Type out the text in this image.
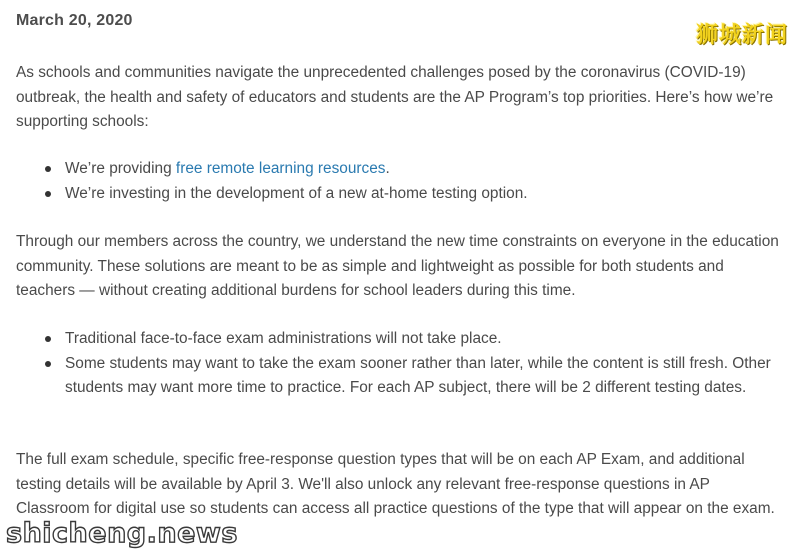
March 20, 2020

As schools and communities navigate the unprecedented challenges posed by the coronavirus (COVID-19) outbreak, the health and safety of educators and students are the AP Program’s top priorities. Here’s how we’re supporting schools:

We’re providing free remote learning resources.
We’re investing in the development of a new at-home testing option.

Through our members across the country, we understand the new time constraints on everyone in the education community. These solutions are meant to be as simple and lightweight as possible for both students and teachers — without creating additional burdens for school leaders during this time.

Traditional face-to-face exam administrations will not take place.
Some students may want to take the exam sooner rather than later, while the content is still fresh. Other students may want more time to practice. For each AP subject, there will be 2 different testing dates.

The full exam schedule, specific free-response question types that will be on each AP Exam, and additional testing details will be available by April 3. We'll also unlock any relevant free-response questions in AP Classroom for digital use so students can access all practice questions of the type that will appear on the exam.

狮城新闻
shicheng.news
